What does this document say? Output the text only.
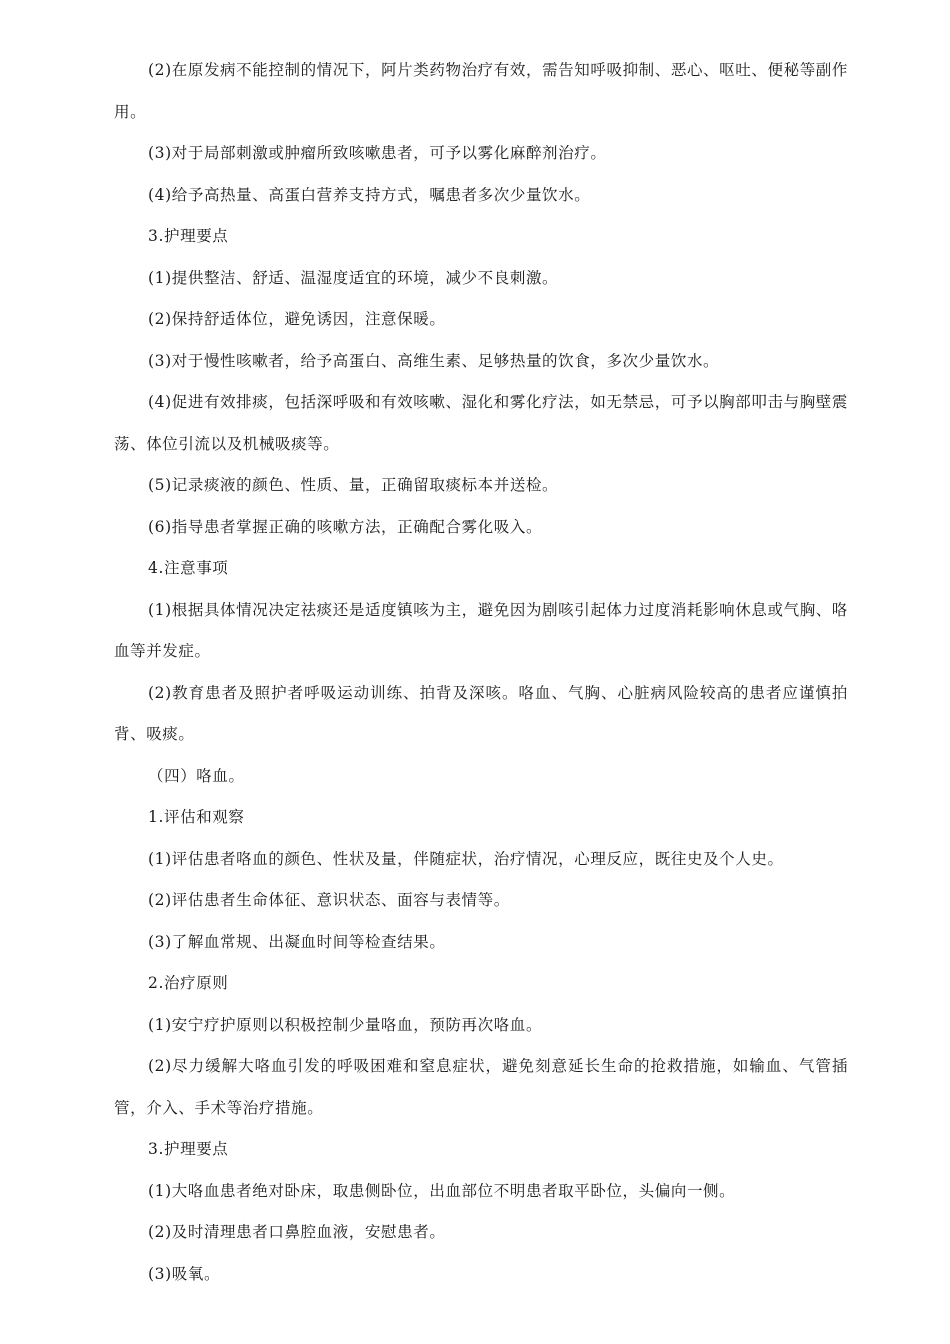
(2)在原发病不能控制的情况下，阿片类药物治疗有效，需告知呼吸抑制、恶心、呕吐、便秘等副作用。

(3)对于局部刺激或肿瘤所致咳嗽患者，可予以雾化麻醉剂治疗。

(4)给予高热量、高蛋白营养支持方式，嘱患者多次少量饮水。

3.护理要点

(1)提供整洁、舒适、温湿度适宜的环境，减少不良刺激。

(2)保持舒适体位，避免诱因，注意保暖。

(3)对于慢性咳嗽者，给予高蛋白、高维生素、足够热量的饮食，多次少量饮水。

(4)促进有效排痰，包括深呼吸和有效咳嗽、湿化和雾化疗法，如无禁忌，可予以胸部叩击与胸壁震荡、体位引流以及机械吸痰等。

(5)记录痰液的颜色、性质、量，正确留取痰标本并送检。

(6)指导患者掌握正确的咳嗽方法，正确配合雾化吸入。

4.注意事项

(1)根据具体情况决定祛痰还是适度镇咳为主，避免因为剧咳引起体力过度消耗影响休息或气胸、咯血等并发症。

(2)教育患者及照护者呼吸运动训练、拍背及深咳。咯血、气胸、心脏病风险较高的患者应谨慎拍背、吸痰。

（四）咯血。

1.评估和观察

(1)评估患者咯血的颜色、性状及量，伴随症状，治疗情况，心理反应，既往史及个人史。

(2)评估患者生命体征、意识状态、面容与表情等。

(3)了解血常规、出凝血时间等检查结果。

2.治疗原则

(1)安宁疗护原则以积极控制少量咯血，预防再次咯血。

(2)尽力缓解大咯血引发的呼吸困难和窒息症状，避免刻意延长生命的抢救措施，如输血、气管插管，介入、手术等治疗措施。

3.护理要点

(1)大咯血患者绝对卧床，取患侧卧位，出血部位不明患者取平卧位，头偏向一侧。

(2)及时清理患者口鼻腔血液，安慰患者。

(3)吸氧。
